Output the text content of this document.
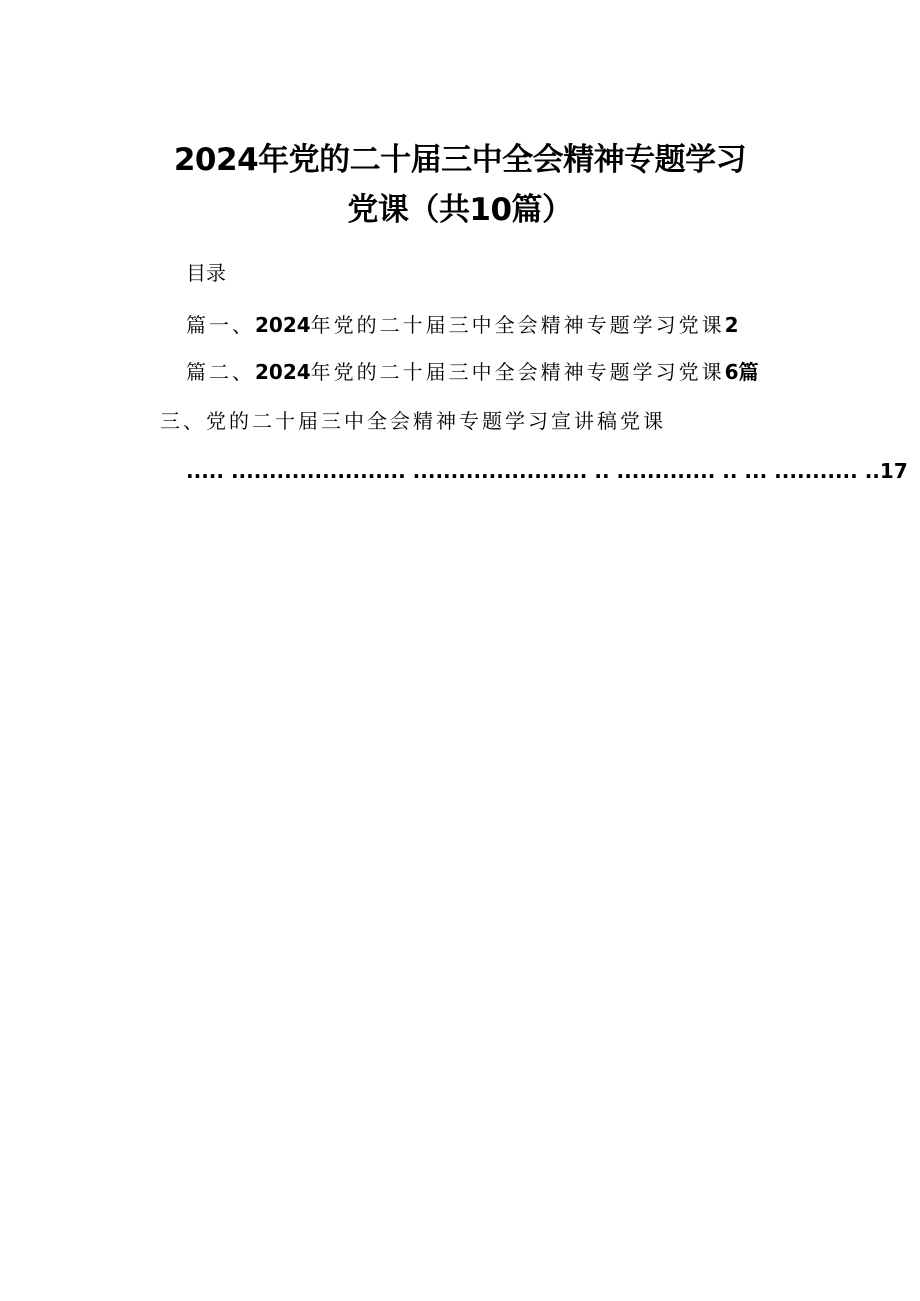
2024年党的二十届三中全会精神专题学习
党课（共10篇）
目录
篇一、2024年党的二十届三中全会精神专题学习党课2
篇二、2024年党的二十届三中全会精神专题学习党课6篇
三、党的二十届三中全会精神专题学习宣讲稿党课
..... ....................... ....................... .. ............. .. ... ........... ..17
